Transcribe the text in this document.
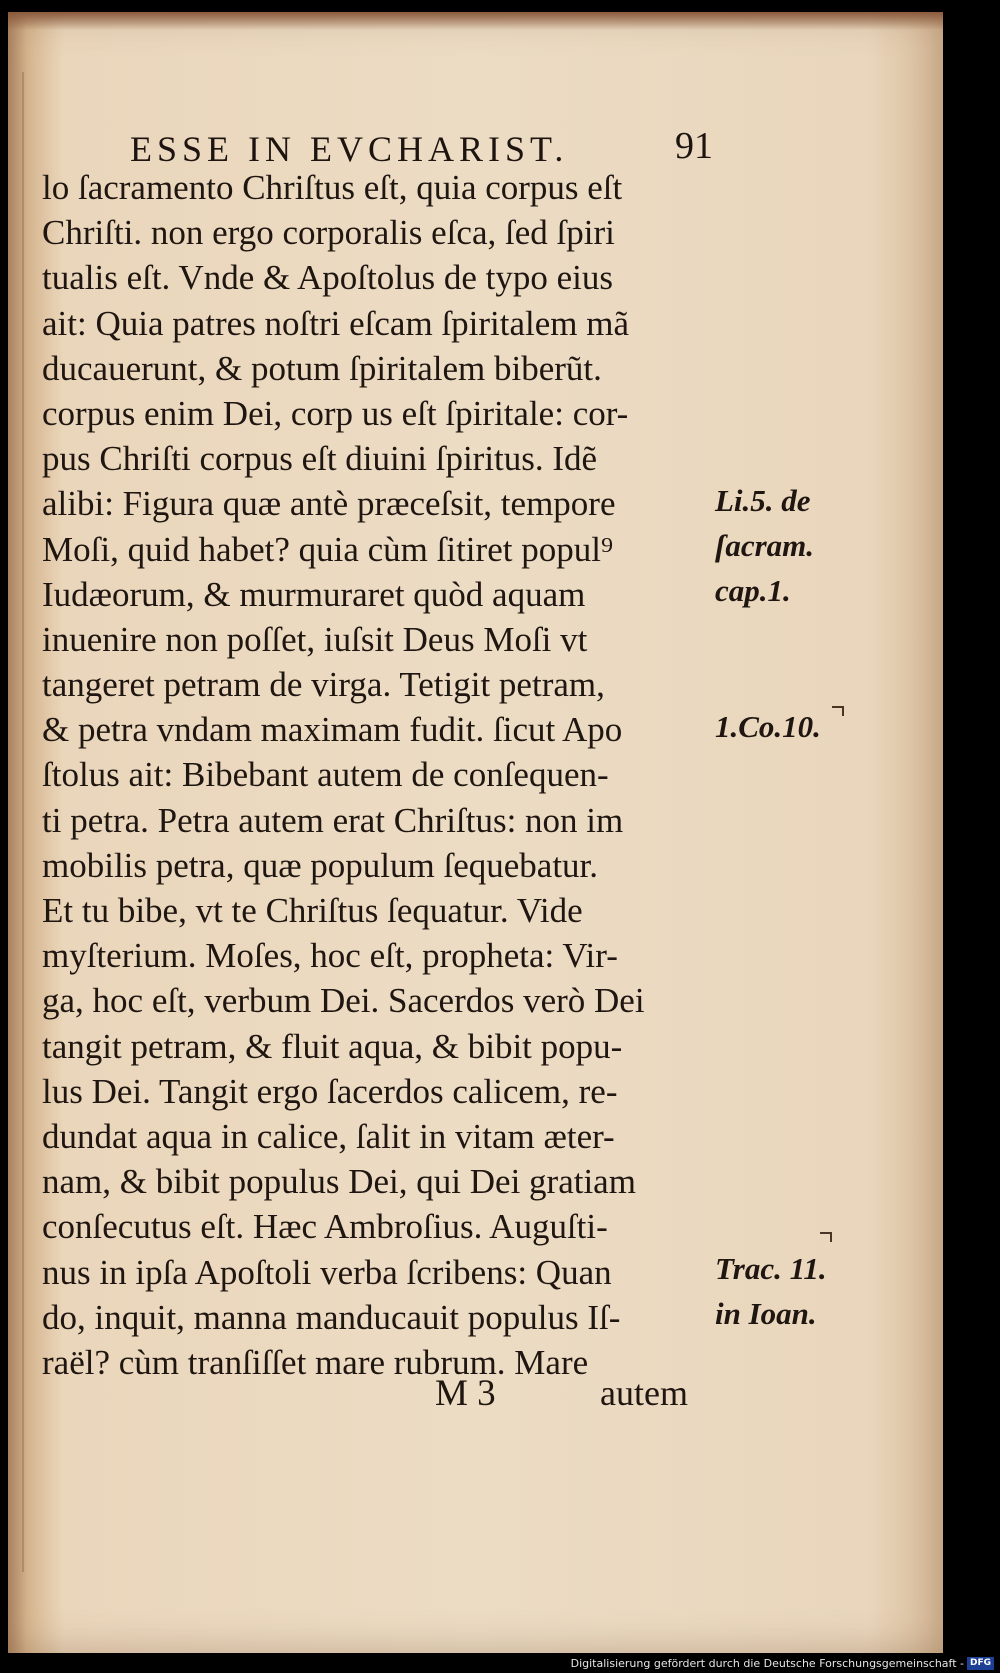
ESSE IN EVCHARIST.	91
lo ſacramento Chriſtus eſt, quia corpus eſt
Chriſti. non ergo corporalis eſca, ſed ſpiri
tualis eſt. Vnde & Apoſtolus de typo eius
ait: Quia patres noſtri eſcam ſpiritalem mã
ducauerunt, & potum ſpiritalem biberũt.
corpus enim Dei, corp us eſt ſpiritale: cor-
pus Chriſti corpus eſt diuini ſpiritus. Idẽ
alibi: Figura quæ antè præceſsit, tempore
Moſi, quid habet? quia cùm ſitiret popul⁹
Iudæorum, & murmuraret quòd aquam
inuenire non poſſet, iuſsit Deus Moſi vt
tangeret petram de virga. Tetigit petram,
& petra vndam maximam fudit. ſicut Apo
ſtolus ait: Bibebant autem de conſequen-
ti petra. Petra autem erat Chriſtus: non im
mobilis petra, quæ populum ſequebatur.
Et tu bibe, vt te Chriſtus ſequatur. Vide
myſterium. Moſes, hoc eſt, propheta: Vir-
ga, hoc eſt, verbum Dei. Sacerdos verò Dei
tangit petram, & fluit aqua, & bibit popu-
lus Dei. Tangit ergo ſacerdos calicem, re-
dundat aqua in calice, ſalit in vitam æter-
nam, & bibit populus Dei, qui Dei gratiam
conſecutus eſt. Hæc Ambroſius. Auguſti-
nus in ipſa Apoſtoli verba ſcribens: Quan
do, inquit, manna manducauit populus Iſ-
raël? cùm tranſiſſet mare rubrum. Mare
Li.5. de
ſacram.
cap.1.
1.Co.10.
Trac. 11.
in Ioan.
M 3	autem
Digitalisierung gefördert durch die Deutsche Forschungsgemeinschaft - DFG
